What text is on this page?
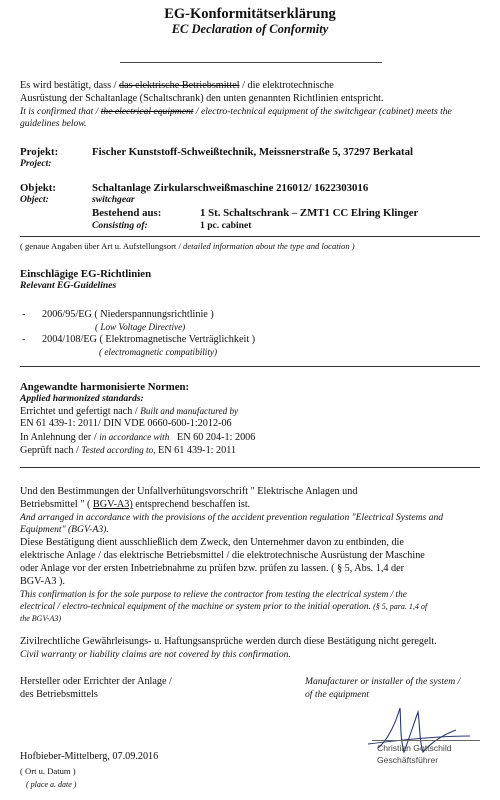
EG-Konformitätserklärung
EC Declaration of Conformity
Es wird bestätigt, dass / das elektrische Betriebsmittel / die elektrotechnische
Ausrüstung der Schaltanlage (Schaltschrank) den unten genannten Richtlinien entspricht.
It is confirmed that / the electrical equipment / electro-technical equipment of the switchgear (cabinet) meets the
guidelines below.
Projekt:
Project:
Fischer Kunststoff-Schweißtechnik, Meissnerstraße 5, 37297 Berkatal
Objekt:
Object:
Schaltanlage Zirkularschweißmaschine 216012/ 1622303016
switchgear
Bestehend aus:
Consisting of:
1 St. Schaltschrank – ZMT1 CC Elring Klinger
1 pc. cabinet
( genaue Angaben über Art u. Aufstellungsort / detailed information about the type and location )
Einschlägige EG-Richtlinien
Relevant EG-Guidelines
- 2006/95/EG ( Niederspannungsrichtlinie )
( Low Voltage Directive)
- 2004/108/EG ( Elektromagnetische Verträglichkeit )
( electromagnetic compatibility)
Angewandte harmonisierte Normen:
Applied harmonized standards:
Errichtet und gefertigt nach / Built and manufactured by
EN 61 439-1: 2011/ DIN VDE 0660-600-1:2012-06
In Anlehnung der / in accordance with EN 60 204-1: 2006
Geprüft nach / Tested according to, EN 61 439-1: 2011
Und den Bestimmungen der Unfallverhütungsvorschrift " Elektrische Anlagen und
Betriebsmittel " ( BGV-A3) entsprechend beschaffen ist.
And arranged in accordance with the provisions of the accident prevention regulation "Electrical Systems and
Equipment" (BGV-A3).
Diese Bestätigung dient ausschließlich dem Zweck, den Unternehmer davon zu entbinden, die
elektrische Anlage / das elektrische Betriebsmittel / die elektrotechnische Ausrüstung der Maschine
oder Anlage vor der ersten Inbetriebnahme zu prüfen bzw. prüfen zu lassen. ( § 5, Abs. 1,4 der
BGV-A3 ).
This confirmation is for the sole purpose to relieve the contractor from testing the electrical system / the
electrical / electro-technical equipment of the machine or system prior to the initial operation. (§ 5, para. 1,4 of
the BGV-A3)
Zivilrechtliche Gewährleisungs- u. Haftungsansprüche werden durch diese Bestätigung nicht geregelt.
Civil warranty or liability claims are not covered by this confirmation.
Hersteller oder Errichter der Anlage /
des Betriebsmittels
Manufacturer or installer of the system /
of the equipment
Hofbieber-Mittelberg, 07.09.2016
( Ort u. Datum )
( place a. date )
Christian Gottschild
Geschäftsführer
